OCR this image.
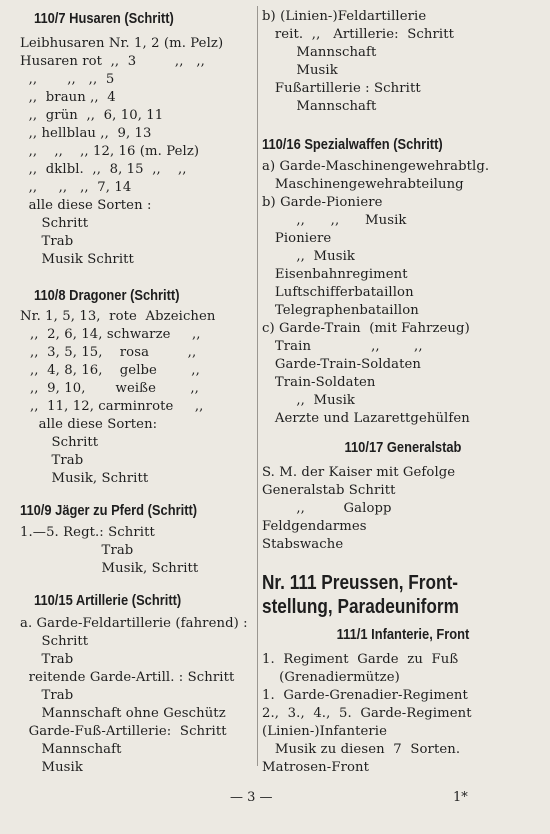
110/7 Husaren (Schritt)
Leibhusaren Nr. 1, 2 (m. Pelz)
Husaren rot  ,,  3         ,,   ,,
,,       ,,   ,,  5
,,  braun ,,  4
,,  grün  ,,  6, 10, 11
,, hellblau ,,  9, 13
,,    ,,    ,, 12, 16 (m. Pelz)
,,  dklbl.  ,,  8, 15  ,,    ,,
,,     ,,   ,,  7, 14
alle diese Sorten :
Schritt
Trab
Musik Schritt
110/8 Dragoner (Schritt)
Nr. 1, 5, 13,  rote  Abzeichen
,,  2, 6, 14, schwarze     ,,
,,  3, 5, 15,    rosa         ,,
,,  4, 8, 16,    gelbe        ,,
,,  9, 10,       weiße        ,,
,,  11, 12, carminrote     ,,
alle diese Sorten:
Schritt
Trab
Musik, Schritt
110/9 Jäger zu Pferd (Schritt)
1.—5. Regt.: Schritt
Trab
Musik, Schritt
110/15 Artillerie (Schritt)
a. Garde-Feldartillerie (fahrend) :
Schritt
Trab
reitende Garde-Artill. : Schritt
Trab
Mannschaft ohne Geschütz
Garde-Fuß-Artillerie:  Schritt
Mannschaft
Musik
b) (Linien-)Feldartillerie
reit.  ,,   Artillerie:  Schritt
Mannschaft
Musik
Fußartillerie : Schritt
Mannschaft
110/16 Spezialwaffen (Schritt)
a) Garde-Maschinengewehrabtlg.
Maschinengewehrabteilung
b) Garde-Pioniere
,,      ,,      Musik
Pioniere
,,  Musik
Eisenbahnregiment
Luftschifferbataillon
Telegraphenbataillon
c) Garde-Train  (mit Fahrzeug)
Train              ,,        ,,
Garde-Train-Soldaten
Train-Soldaten
,,  Musik
Aerzte und Lazarettgehülfen
110/17 Generalstab
S. M. der Kaiser mit Gefolge
Generalstab Schritt
,,         Galopp
Feldgendarmes
Stabswache
Nr. 111 Preussen, Front-
stellung, Paradeuniform
111/1 Infanterie, Front
1.  Regiment  Garde  zu  Fuß
(Grenadiermütze)
1.  Garde-Grenadier-Regiment
2.,  3.,  4.,  5.  Garde-Regiment
(Linien-)Infanterie
Musik zu diesen  7  Sorten.
Matrosen-Front
— 3 —	1*
